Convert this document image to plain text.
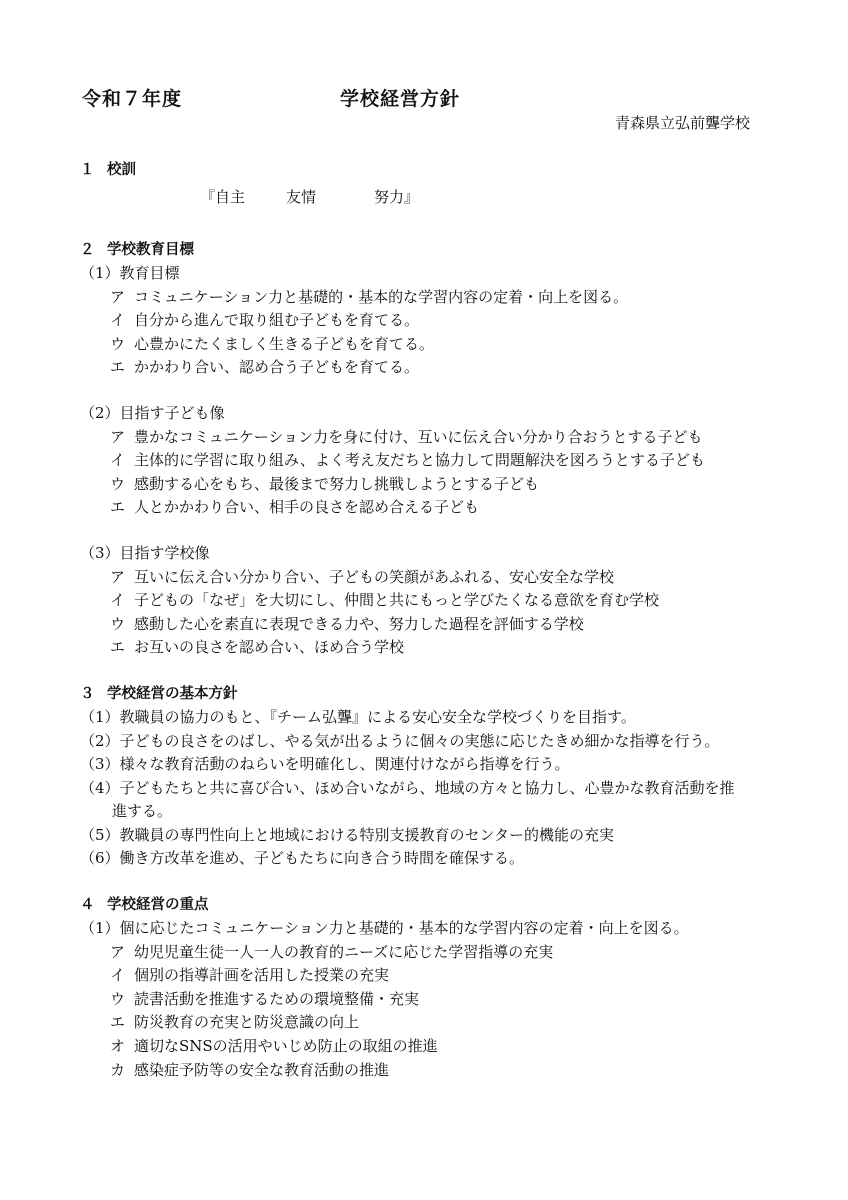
令和７年度	学校経営方針
青森県立弘前聾学校
１ 校訓
『自主	友情	努力』
２ 学校教育目標
（1）教育目標
ア コミュニケーション力と基礎的・基本的な学習内容の定着・向上を図る。
イ 自分から進んで取り組む子どもを育てる。
ウ 心豊かにたくましく生きる子どもを育てる。
エ かかわり合い、認め合う子どもを育てる。
（2）目指す子ども像
ア 豊かなコミュニケーション力を身に付け、互いに伝え合い分かり合おうとする子ども
イ 主体的に学習に取り組み、よく考え友だちと協力して問題解決を図ろうとする子ども
ウ 感動する心をもち、最後まで努力し挑戦しようとする子ども
エ 人とかかわり合い、相手の良さを認め合える子ども
（3）目指す学校像
ア 互いに伝え合い分かり合い、子どもの笑顔があふれる、安心安全な学校
イ 子どもの「なぜ」を大切にし、仲間と共にもっと学びたくなる意欲を育む学校
ウ 感動した心を素直に表現できる力や、努力した過程を評価する学校
エ お互いの良さを認め合い、ほめ合う学校
３ 学校経営の基本方針
（1）教職員の協力のもと、『チーム弘聾』による安心安全な学校づくりを目指す。
（2）子どもの良さをのばし、やる気が出るように個々の実態に応じたきめ細かな指導を行う。
（3）様々な教育活動のねらいを明確化し、関連付けながら指導を行う。
（4）子どもたちと共に喜び合い、ほめ合いながら、地域の方々と協力し、心豊かな教育活動を推
進する。
（5）教職員の専門性向上と地域における特別支援教育のセンター的機能の充実
（6）働き方改革を進め、子どもたちに向き合う時間を確保する。
４ 学校経営の重点
（1）個に応じたコミュニケーション力と基礎的・基本的な学習内容の定着・向上を図る。
ア 幼児児童生徒一人一人の教育的ニーズに応じた学習指導の充実
イ 個別の指導計画を活用した授業の充実
ウ 読書活動を推進するための環境整備・充実
エ 防災教育の充実と防災意識の向上
オ 適切なSNSの活用やいじめ防止の取組の推進
カ 感染症予防等の安全な教育活動の推進
